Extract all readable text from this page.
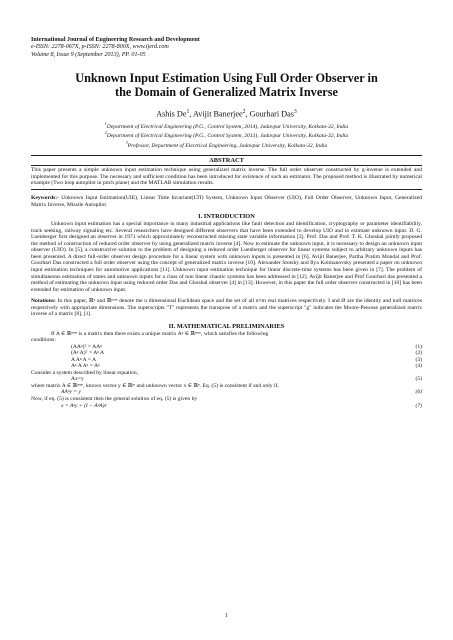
International Journal of Engineering Research and Development
e-ISSN: 2278-067X, p-ISSN: 2278-800X, www.ijerd.com
Volume 8, Issue 9 (September 2013), PP. 01-05
Unknown Input Estimation Using Full Order Observer in
the Domain of Generalized Matrix Inverse
Ashis De$^1$, Avijit Banerjee$^2$, Gourhari Das$^3$
$^1$Department of Electrical Engineering (P.G., Control System, 2014), Jadavpur University, Kolkata-32, India
$^2$Department of Electrical Engineering (P.G., Control System, 2013), Jadavpur University, Kolkata-32, India
$^3$Professor, Department of Electrical Engineering, Jadavpur University, Kolkata-32, India
ABSTRACT

This paper presents a simple unknown input estimation technique using generalized matrix inverse. The full order observer constructed by g-inverse is extended and implemented for this purpose. The necessary and sufficient condition has been introduced for existence of such an estimator. The proposed method is illustrated by numerical example (Two loop autopilot in pitch plane) and the MATLAB simulation results.

Keywords:- Unknown Input Estimation(UIE), Linear Time Invariant(LTI) System, Unknown Input Observer (UIO), Full Order Observer, Unknown Input, Generalized Matrix Inverse, Missile Autopilot.

I. INTRODUCTION

Unknown input estimation has a special importance in many industrial applications like fault detection and identification, cryptography or parameter identifiability, track seeking, railway signaling etc. Several researchers have designed different observers that have been extended to develop UIO and to estimate unknown input. D. G. Luenberger first designed an observer in 1971 which approximately reconstructed missing state variable information [3]. Prof. Das and Prof. T. K. Ghoshal jointly proposed the method of construction of reduced order observer by using generalized matrix inverse [4]. Now to estimate the unknown input, it is necessary to design an unknown input observer (UIO). In [5], a constructive solution to the problem of designing a reduced order Luenberger observer for linear systems subject to arbitrary unknown inputs has been presented. A direct full-order observer design procedure for a linear system with unknown inputs is presented in [6]. Avijit Banerjee, Partha Pratim Mondal and Prof. Gourhari Das constructed a full order observer using the concept of generalized matrix inverse [10]. Alexander Stotsky and Ilya Kolmanovsky presented a paper on unknown input estimation techniques for automotive applications [11]. Unknown input estimation technique for linear discrete-time systems has been given in [7]. The problem of simultaneous estimation of states and unknown inputs for a class of non linear chaotic systems has been addressed in [12]. Avijit Banerjee and Prof Gourhari das presented a method of estimating the unknown input using reduced order Das and Ghoshal observer [4] in [13]. However, in this paper the full order observer constructed in [10] has been extended for estimation of unknown input.

Notations: In this paper, ℝⁿ and ℝⁿˣᵐ denote the n dimensional Euclidean space and the set of all n×m real matrices respectively. I and Ø are the identity and null matrices respectively with appropriate dimensions. The superscripts "T" represents the transpose of a matrix and the superscript "g" indicates the Moore-Penrose generalized matrix inverse of a matrix [8], [1].

II. MATHEMATICAL PRELIMINARIES

If A ∈ ℝᵐˣⁿ is a matrix then there exists a unique matrix Aᵍ ∈ ℝⁿˣᵐ, which satisfies the following

conditions:

(AAᵍ)ᵀ = AAᵍ	(1)
(Aᵍ A)ᵀ = Aᵍ A	(2)
A Aᵍ A = A	(3)
Aᵍ A Aᵍ = Aᵍ	(4)

Consider a system described by linear equation,

Ax=y	(5)

where matrix A ∈ ℝᵐˣⁿ, known vector y ∈ ℝᵐ and unknown vector x ∈ ℝⁿ. Eq. (5) is consistent if and only if,

AAᵍy = y	(6)

Now, if eq. (5) is consistent then the general solution of eq. (5) is given by

x = Aᵍy + (I − AᵍA)r	(7)
1
